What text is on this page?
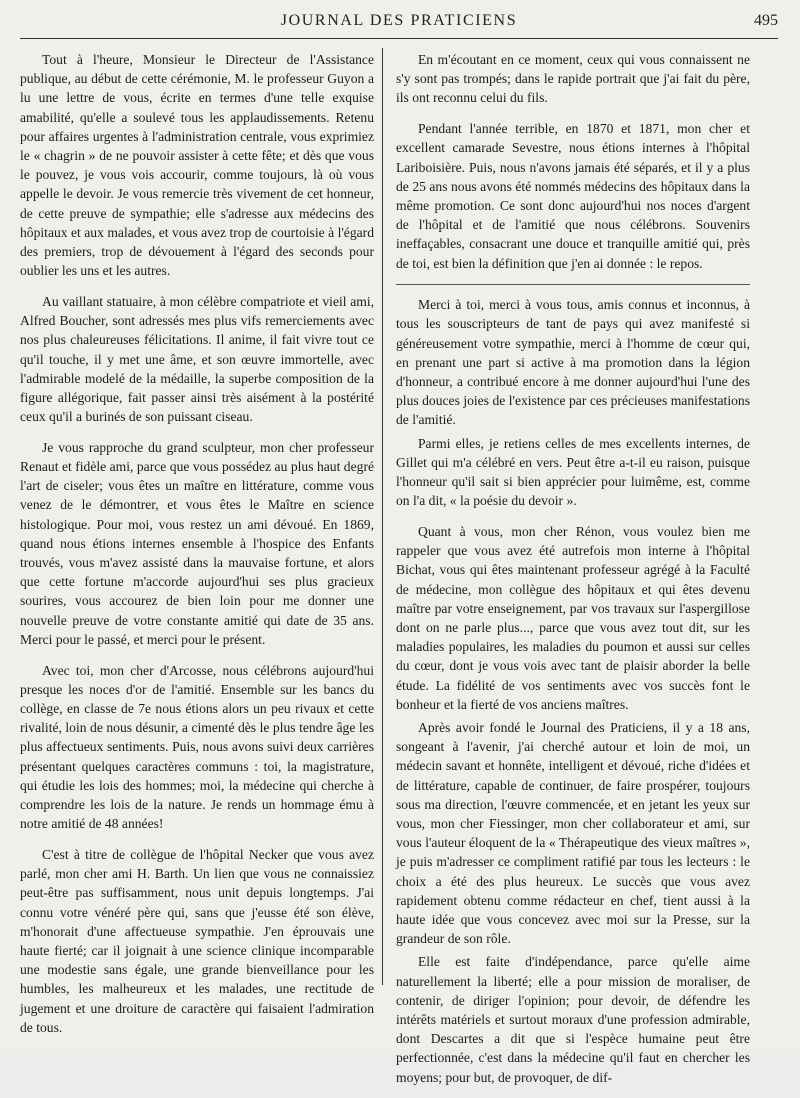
JOURNAL DES PRATICIENS	495

Tout à l'heure, Monsieur le Directeur de l'Assistance publique, au début de cette cérémonie, M. le professeur Guyon a lu une lettre de vous, écrite en termes d'une telle exquise amabilité, qu'elle a soulevé tous les applaudissements. Retenu pour affaires urgentes à l'administration centrale, vous exprimiez le « chagrin » de ne pouvoir assister à cette fête; et dès que vous le pouvez, je vous vois accourir, comme toujours, là où vous appelle le devoir. Je vous remercie très vivement de cet honneur, de cette preuve de sympathie; elle s'adresse aux médecins des hôpitaux et aux malades, et vous avez trop de courtoisie à l'égard des premiers, trop de dévouement à l'égard des seconds pour oublier les uns et les autres.

Au vaillant statuaire, à mon célèbre compatriote et vieil ami, Alfred Boucher, sont adressés mes plus vifs remerciements avec nos plus chaleureuses félicitations. Il anime, il fait vivre tout ce qu'il touche, il y met une âme, et son œuvre immortelle, avec l'admirable modelé de la médaille, la superbe composition de la figure allégorique, fait passer ainsi très aisément à la postérité ceux qu'il a burinés de son puissant ciseau.

Je vous rapproche du grand sculpteur, mon cher professeur Renaut et fidèle ami, parce que vous possédez au plus haut degré l'art de ciseler; vous êtes un maître en littérature, comme vous venez de le démontrer, et vous êtes le Maître en science histologique. Pour moi, vous restez un ami dévoué. En 1869, quand nous étions internes ensemble à l'hospice des Enfants trouvés, vous m'avez assisté dans la mauvaise fortune, et alors que cette fortune m'accorde aujourd'hui ses plus gracieux sourires, vous accourez de bien loin pour me donner une nouvelle preuve de votre constante amitié qui date de 35 ans. Merci pour le passé, et merci pour le présent.

Avec toi, mon cher d'Arcosse, nous célébrons aujourd'hui presque les noces d'or de l'amitié. Ensemble sur les bancs du collège, en classe de 7e nous étions alors un peu rivaux et cette rivalité, loin de nous désunir, a cimenté dès le plus tendre âge les plus affectueux sentiments. Puis, nous avons suivi deux carrières présentant quelques caractères communs : toi, la magistrature, qui étudie les lois des hommes; moi, la médecine qui cherche à comprendre les lois de la nature. Je rends un hommage ému à notre amitié de 48 années!

C'est à titre de collègue de l'hôpital Necker que vous avez parlé, mon cher ami H. Barth. Un lien que vous ne connaissiez peut-être pas suffisamment, nous unit depuis longtemps. J'ai connu votre vénéré père qui, sans que j'eusse été son élève, m'honorait d'une affectueuse sympathie. J'en éprouvais une haute fierté; car il joignait à une science clinique incomparable une modestie sans égale, une grande bienveillance pour les humbles, les malheureux et les malades, une rectitude de jugement et une droiture de caractère qui faisaient l'admiration de tous.

En m'écoutant en ce moment, ceux qui vous connaissent ne s'y sont pas trompés; dans le rapide portrait que j'ai fait du père, ils ont reconnu celui du fils.

Pendant l'année terrible, en 1870 et 1871, mon cher et excellent camarade Sevestre, nous étions internes à l'hôpital Lariboisière. Puis, nous n'avons jamais été séparés, et il y a plus de 25 ans nous avons été nommés médecins des hôpitaux dans la même promotion. Ce sont donc aujourd'hui nos noces d'argent de l'hôpital et de l'amitié que nous célébrons. Souvenirs ineffaçables, consacrant une douce et tranquille amitié qui, près de toi, est bien la définition que j'en ai donnée : le repos.

Merci à toi, merci à vous tous, amis connus et inconnus, à tous les souscripteurs de tant de pays qui avez manifesté si généreusement votre sympathie, merci à l'homme de cœur qui, en prenant une part si active à ma promotion dans la légion d'honneur, a contribué encore à me donner aujourd'hui l'une des plus douces joies de l'existence par ces précieuses manifestations de l'amitié.

Parmi elles, je retiens celles de mes excellents internes, de Gillet qui m'a célébré en vers. Peut être a-t-il eu raison, puisque l'honneur qu'il sait si bien apprécier pour luimême, est, comme on l'a dit, « la poésie du devoir ».

Quant à vous, mon cher Rénon, vous voulez bien me rappeler que vous avez été autrefois mon interne à l'hôpital Bichat, vous qui êtes maintenant professeur agrégé à la Faculté de médecine, mon collègue des hôpitaux et qui êtes devenu maître par votre enseignement, par vos travaux sur l'aspergillose dont on ne parle plus..., parce que vous avez tout dit, sur les maladies populaires, les maladies du poumon et aussi sur celles du cœur, dont je vous vois avec tant de plaisir aborder la belle étude. La fidélité de vos sentiments avec vos succès font le bonheur et la fierté de vos anciens maîtres.

Après avoir fondé le Journal des Praticiens, il y a 18 ans, songeant à l'avenir, j'ai cherché autour et loin de moi, un médecin savant et honnête, intelligent et dévoué, riche d'idées et de littérature, capable de continuer, de faire prospérer, toujours sous ma direction, l'œuvre commencée, et en jetant les yeux sur vous, mon cher Fiessinger, mon cher collaborateur et ami, sur vous l'auteur éloquent de la « Thérapeutique des vieux maîtres », je puis m'adresser ce compliment ratifié par tous les lecteurs : le choix a été des plus heureux. Le succès que vous avez rapidement obtenu comme rédacteur en chef, tient aussi à la haute idée que vous concevez avec moi sur la Presse, sur la grandeur de son rôle.

Elle est faite d'indépendance, parce qu'elle aime naturellement la liberté; elle a pour mission de moraliser, de contenir, de diriger l'opinion; pour devoir, de défendre les intérêts matériels et surtout moraux d'une profession admirable, dont Descartes a dit que si l'espèce humaine peut être perfectionnée, c'est dans la médecine qu'il faut en chercher les moyens; pour but, de provoquer, de dif-
